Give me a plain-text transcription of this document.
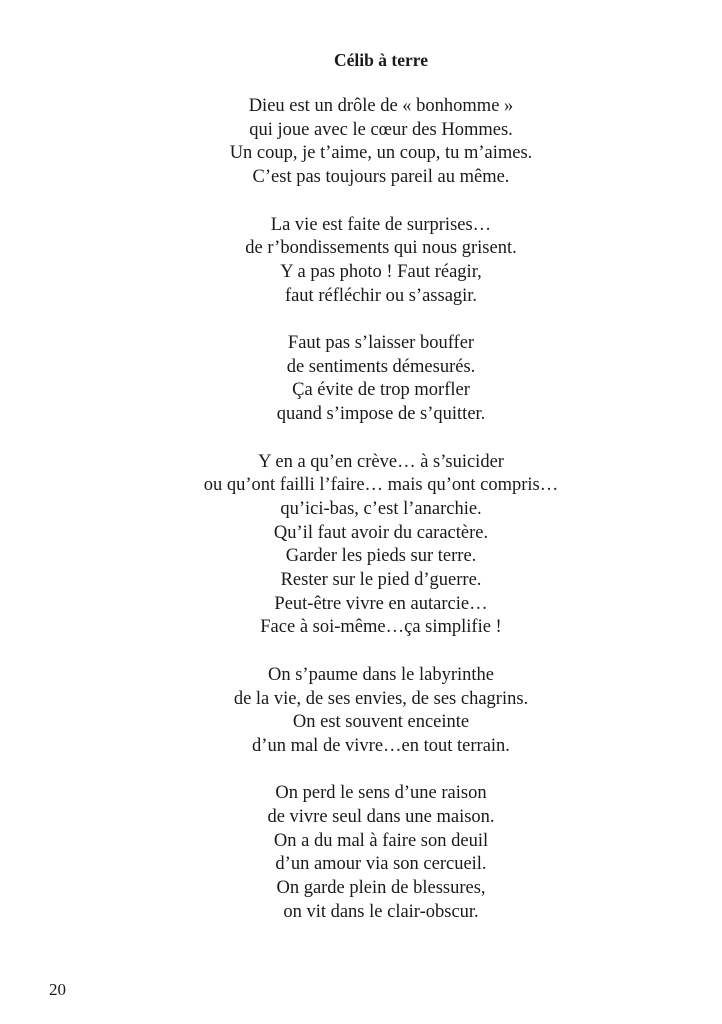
Célib à terre
Dieu est un drôle de « bonhomme »
qui joue avec le cœur des Hommes.
Un coup, je t’aime, un coup, tu m’aimes.
C’est pas toujours pareil au même.
La vie est faite de surprises…
de r’bondissements qui nous grisent.
Y a pas photo ! Faut réagir,
faut réfléchir ou s’assagir.
Faut pas s’laisser bouffer
de sentiments démesurés.
Ça évite de trop morfler
quand s’impose de s’quitter.
Y en a qu’en crève… à s’suicider
ou qu’ont failli l’faire… mais qu’ont compris…
qu’ici-bas, c’est l’anarchie.
Qu’il faut avoir du caractère.
Garder les pieds sur terre.
Rester sur le pied d’guerre.
Peut-être vivre en autarcie…
Face à soi-même…ça simplifie !
On s’paume dans le labyrinthe
de la vie, de ses envies, de ses chagrins.
On est souvent enceinte
d’un mal de vivre…en tout terrain.
On perd le sens d’une raison
de vivre seul dans une maison.
On a du mal à faire son deuil
d’un amour via son cercueil.
On garde plein de blessures,
on vit dans le clair-obscur.
20
